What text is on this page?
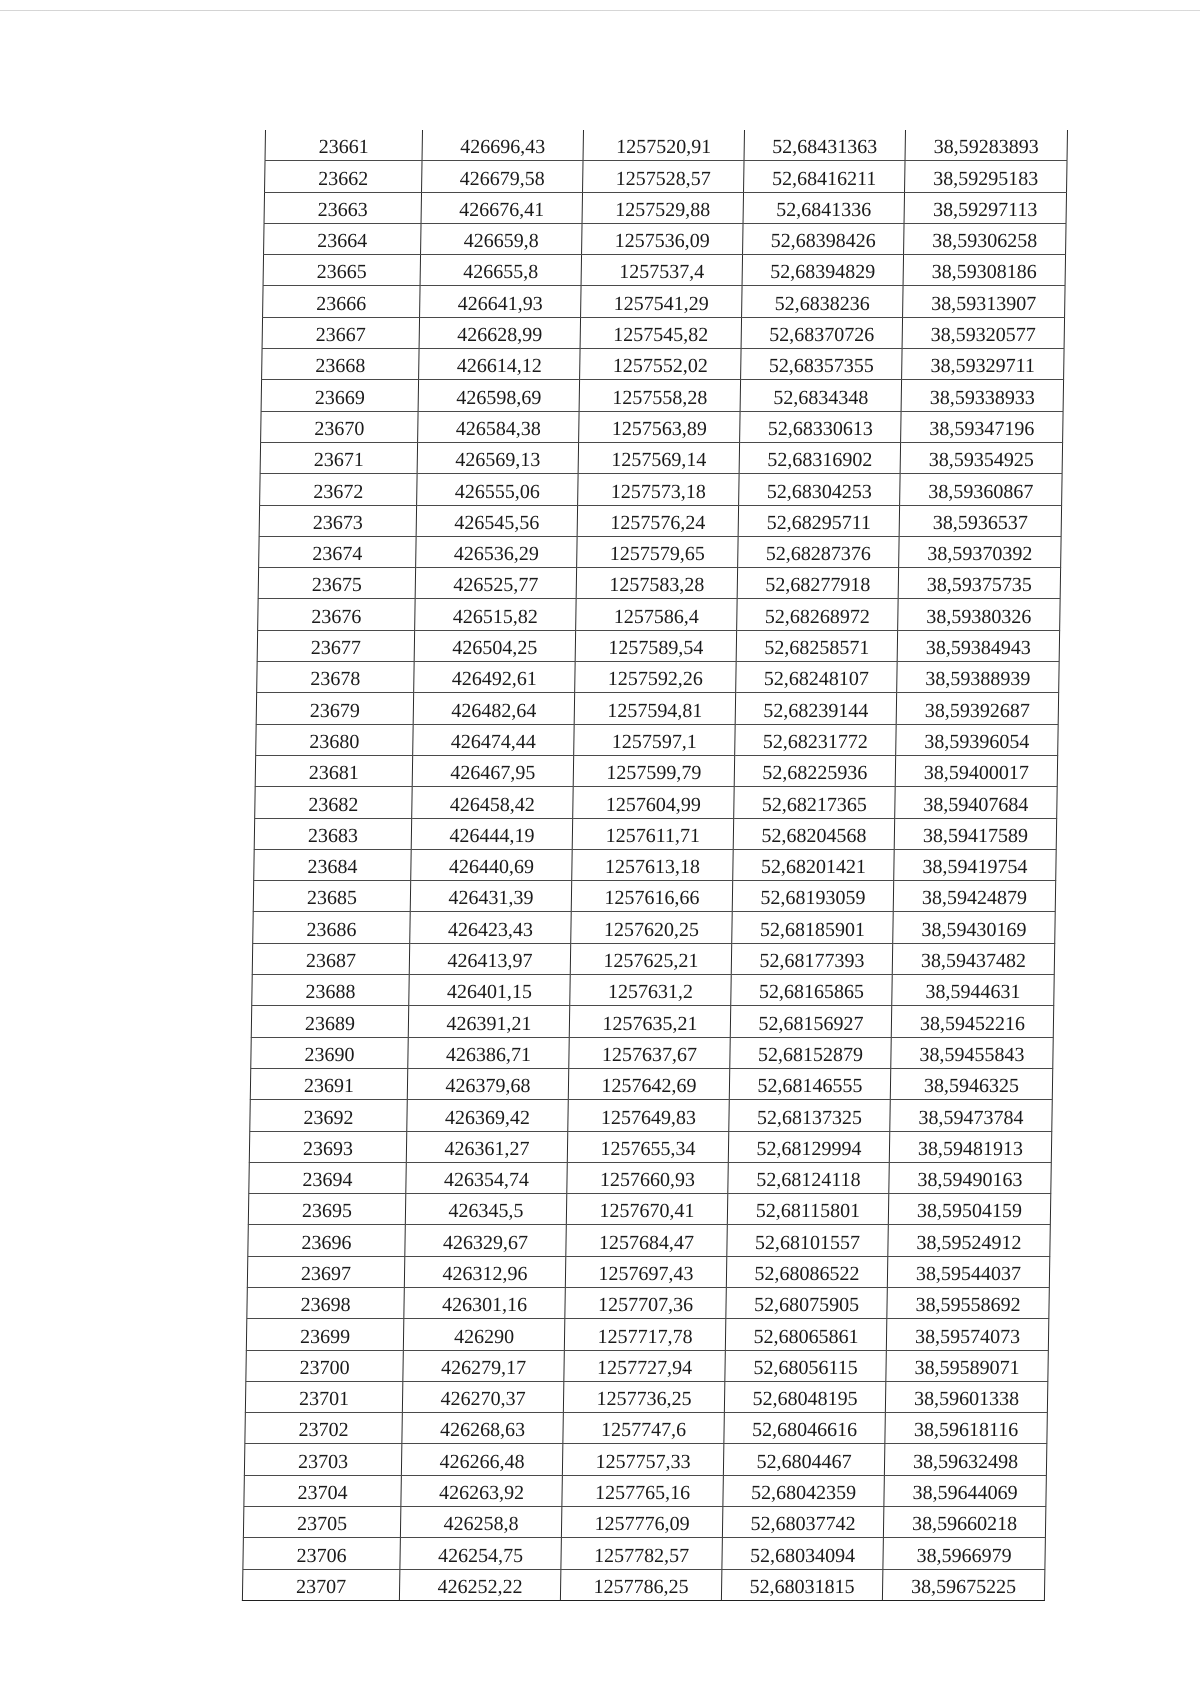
23661	426696,43	1257520,91	52,68431363	38,59283893
23662	426679,58	1257528,57	52,68416211	38,59295183
23663	426676,41	1257529,88	52,6841336	38,59297113
23664	426659,8	1257536,09	52,68398426	38,59306258
23665	426655,8	1257537,4	52,68394829	38,59308186
23666	426641,93	1257541,29	52,6838236	38,59313907
23667	426628,99	1257545,82	52,68370726	38,59320577
23668	426614,12	1257552,02	52,68357355	38,59329711
23669	426598,69	1257558,28	52,6834348	38,59338933
23670	426584,38	1257563,89	52,68330613	38,59347196
23671	426569,13	1257569,14	52,68316902	38,59354925
23672	426555,06	1257573,18	52,68304253	38,59360867
23673	426545,56	1257576,24	52,68295711	38,5936537
23674	426536,29	1257579,65	52,68287376	38,59370392
23675	426525,77	1257583,28	52,68277918	38,59375735
23676	426515,82	1257586,4	52,68268972	38,59380326
23677	426504,25	1257589,54	52,68258571	38,59384943
23678	426492,61	1257592,26	52,68248107	38,59388939
23679	426482,64	1257594,81	52,68239144	38,59392687
23680	426474,44	1257597,1	52,68231772	38,59396054
23681	426467,95	1257599,79	52,68225936	38,59400017
23682	426458,42	1257604,99	52,68217365	38,59407684
23683	426444,19	1257611,71	52,68204568	38,59417589
23684	426440,69	1257613,18	52,68201421	38,59419754
23685	426431,39	1257616,66	52,68193059	38,59424879
23686	426423,43	1257620,25	52,68185901	38,59430169
23687	426413,97	1257625,21	52,68177393	38,59437482
23688	426401,15	1257631,2	52,68165865	38,5944631
23689	426391,21	1257635,21	52,68156927	38,59452216
23690	426386,71	1257637,67	52,68152879	38,59455843
23691	426379,68	1257642,69	52,68146555	38,5946325
23692	426369,42	1257649,83	52,68137325	38,59473784
23693	426361,27	1257655,34	52,68129994	38,59481913
23694	426354,74	1257660,93	52,68124118	38,59490163
23695	426345,5	1257670,41	52,68115801	38,59504159
23696	426329,67	1257684,47	52,68101557	38,59524912
23697	426312,96	1257697,43	52,68086522	38,59544037
23698	426301,16	1257707,36	52,68075905	38,59558692
23699	426290	1257717,78	52,68065861	38,59574073
23700	426279,17	1257727,94	52,68056115	38,59589071
23701	426270,37	1257736,25	52,68048195	38,59601338
23702	426268,63	1257747,6	52,68046616	38,59618116
23703	426266,48	1257757,33	52,6804467	38,59632498
23704	426263,92	1257765,16	52,68042359	38,59644069
23705	426258,8	1257776,09	52,68037742	38,59660218
23706	426254,75	1257782,57	52,68034094	38,5966979
23707	426252,22	1257786,25	52,68031815	38,59675225
